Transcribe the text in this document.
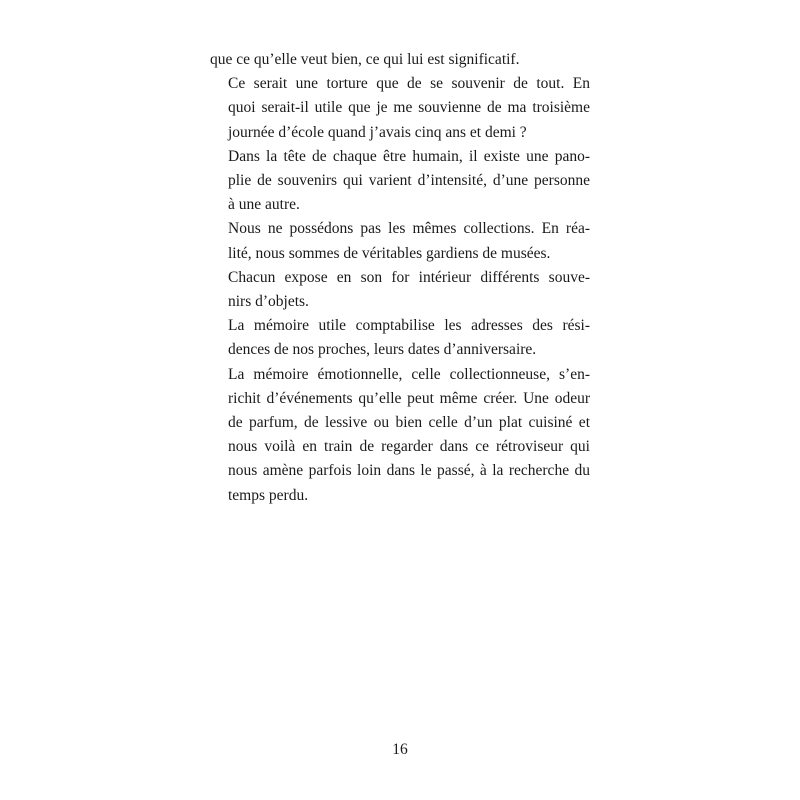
que ce qu’elle veut bien, ce qui lui est significatif.

Ce serait une torture que de se souvenir de tout. En
quoi serait-il utile que je me souvienne de ma troisième
journée d’école quand j’avais cinq ans et demi ?

Dans la tête de chaque être humain, il existe une pano-
plie de souvenirs qui varient d’intensité, d’une personne
à une autre.

Nous ne possédons pas les mêmes collections. En réa-
lité, nous sommes de véritables gardiens de musées.

Chacun expose en son for intérieur différents souve-
nirs d’objets.

La mémoire utile comptabilise les adresses des rési-
dences de nos proches, leurs dates d’anniversaire.

La mémoire émotionnelle, celle collectionneuse, s’en-
richit d’événements qu’elle peut même créer. Une odeur
de parfum, de lessive ou bien celle d’un plat cuisiné et
nous voilà en train de regarder dans ce rétroviseur qui
nous amène parfois loin dans le passé, à la recherche du
temps perdu.

16
